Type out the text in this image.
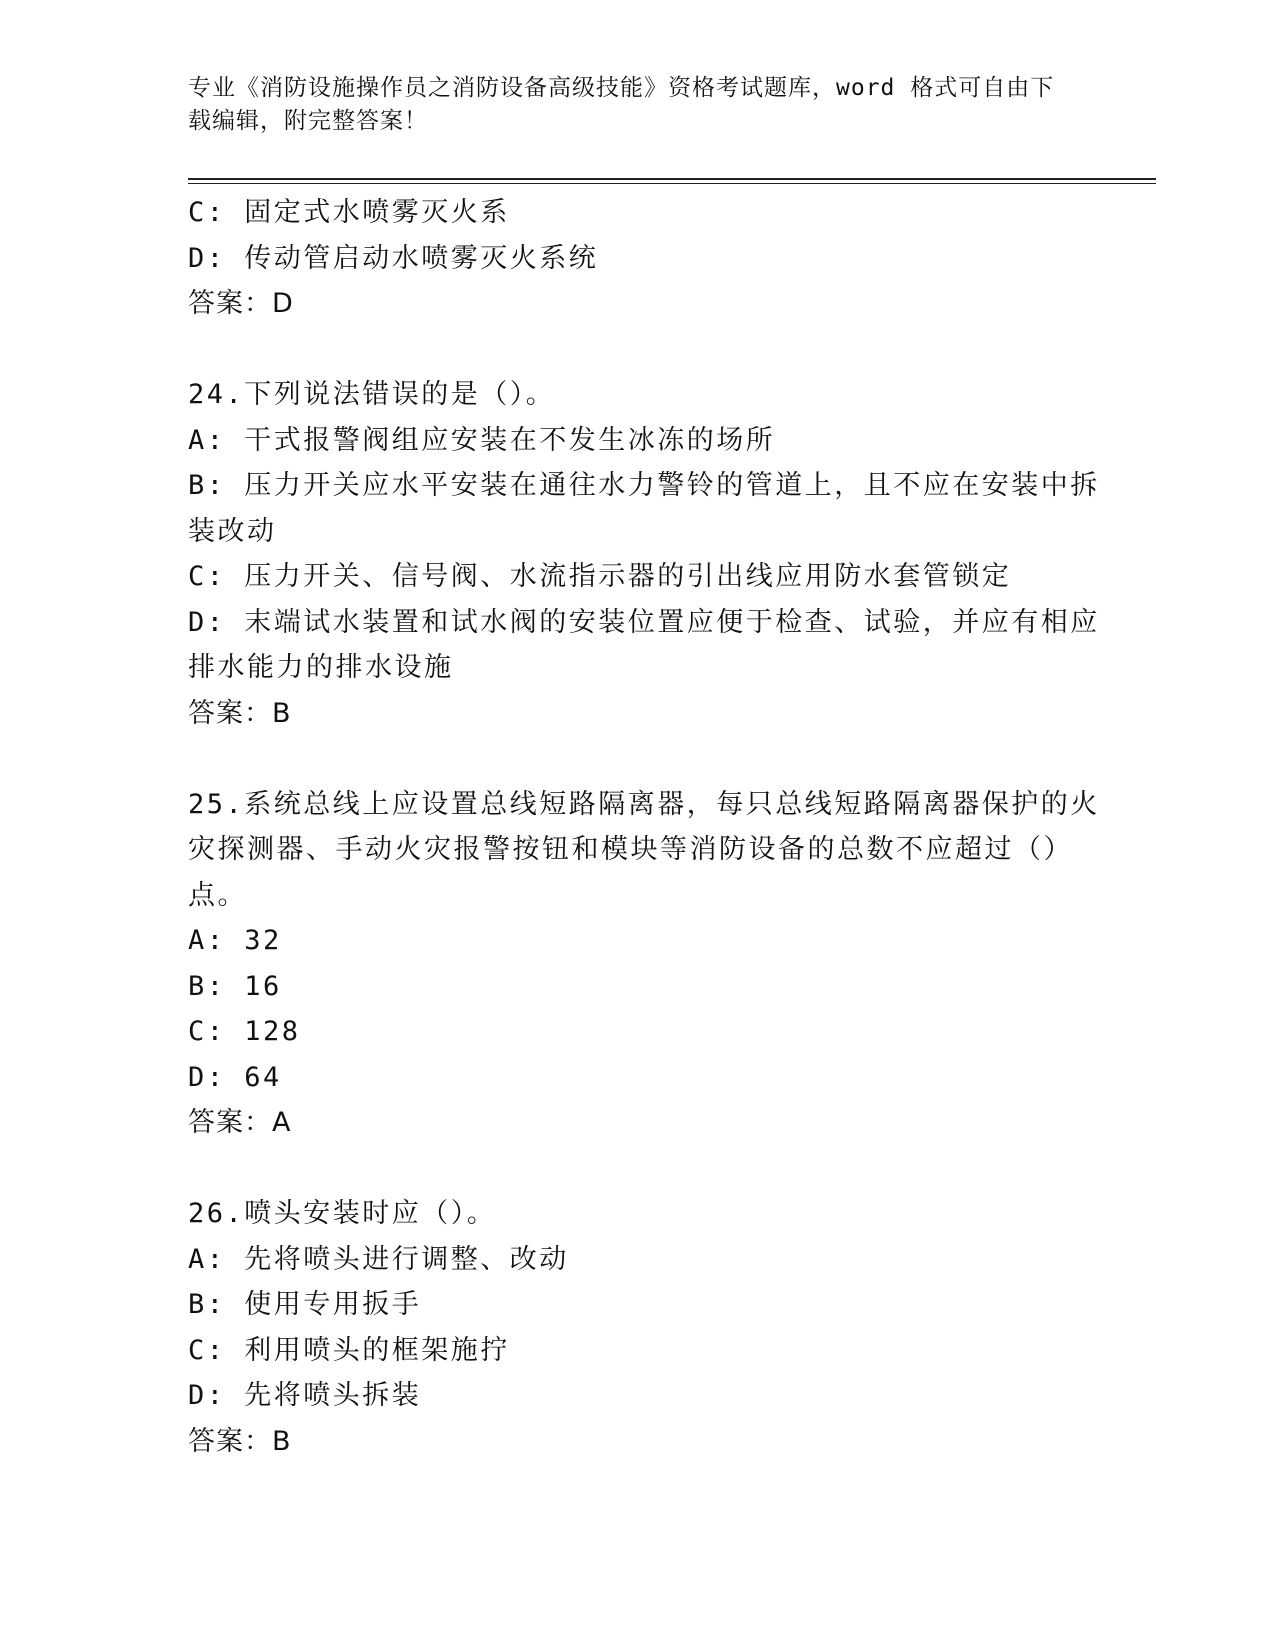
专业《消防设施操作员之消防设备高级技能》资格考试题库，word 格式可自由下
载编辑，附完整答案！
C: 固定式水喷雾灭火系
D: 传动管启动水喷雾灭火系统
答案：D
24.下列说法错误的是（）。
A: 干式报警阀组应安装在不发生冰冻的场所
B: 压力开关应水平安装在通往水力警铃的管道上，且不应在安装中拆
装改动
C: 压力开关、信号阀、水流指示器的引出线应用防水套管锁定
D: 末端试水装置和试水阀的安装位置应便于检查、试验，并应有相应
排水能力的排水设施
答案：B
25.系统总线上应设置总线短路隔离器，每只总线短路隔离器保护的火
灾探测器、手动火灾报警按钮和模块等消防设备的总数不应超过（）
点。
A: 32
B: 16
C: 128
D: 64
答案：A
26.喷头安装时应（）。
A: 先将喷头进行调整、改动
B: 使用专用扳手
C: 利用喷头的框架施拧
D: 先将喷头拆装
答案：B
